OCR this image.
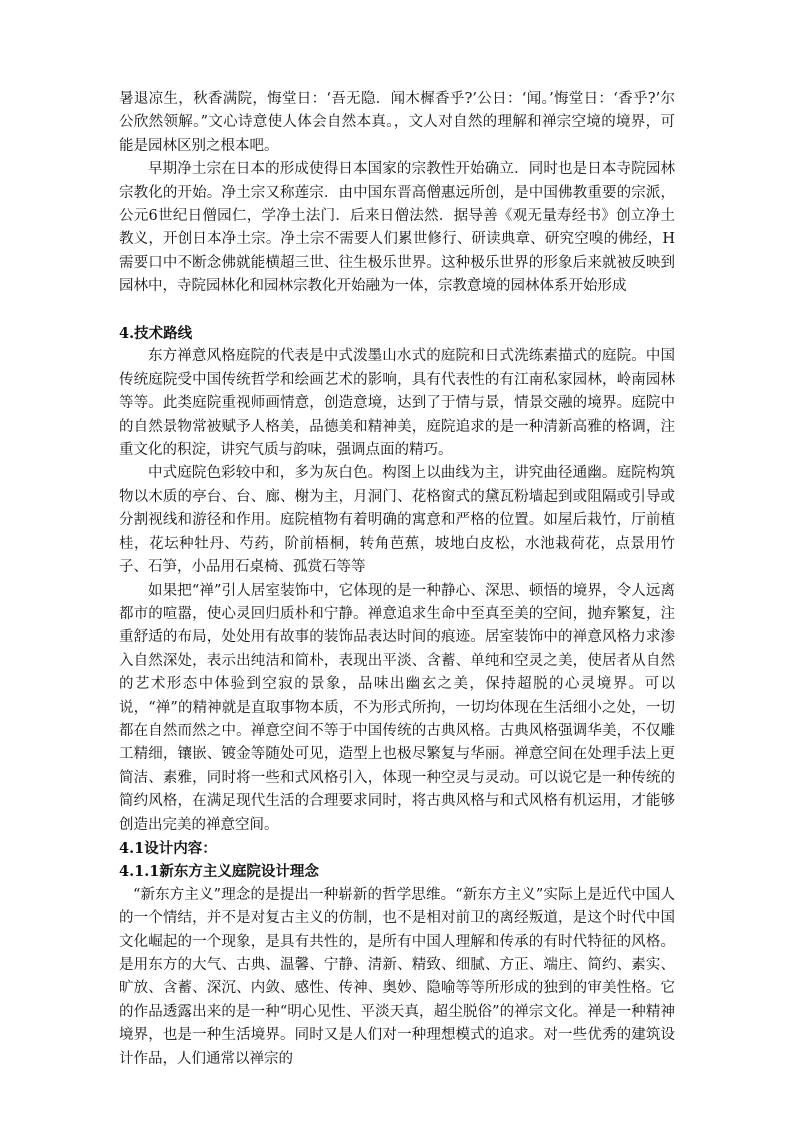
暑退凉生，秋香满院，悔堂日：‘吾无隐．闻木樨香乎?’公日：‘闻。’悔堂日：‘香乎?’尔公欣然领解。”文心诗意使人体会自然本真。，文人对自然的理解和禅宗空境的境界，可能是园林区别之根本吧。

早期净土宗在日本的形成使得日本国家的宗教性开始确立．同时也是日本寺院园林宗教化的开始。净土宗又称莲宗．由中国东晋高僧惠远所创，是中国佛教重要的宗派，公元6世纪日僧园仁，学净土法门．后来日僧法然．据导善《观无量寿经书》创立净土教义，开创日本净土宗。净土宗不需要人们累世修行、研读典章、研究空嗅的佛经，H需要口中不断念佛就能横超三世、往生极乐世界。这种极乐世界的形象后来就被反映到园林中，寺院园林化和园林宗教化开始融为一体，宗教意境的园林体系开始形成

4.技术路线

东方禅意风格庭院的代表是中式泼墨山水式的庭院和日式洗练素描式的庭院。中国传统庭院受中国传统哲学和绘画艺术的影响，具有代表性的有江南私家园林，岭南园林等等。此类庭院重视师画情意，创造意境，达到了于情与景，情景交融的境界。庭院中的自然景物常被赋予人格美，品德美和精神美，庭院追求的是一种清新高雅的格调，注重文化的积淀，讲究气质与韵味，强调点面的精巧。

中式庭院色彩较中和，多为灰白色。构图上以曲线为主，讲究曲径通幽。庭院构筑物以木质的亭台、台、廊、榭为主，月洞门、花格窗式的黛瓦粉墙起到或阻隔或引导或分割视线和游径和作用。庭院植物有着明确的寓意和严格的位置。如屋后栽竹，厅前植桂，花坛种牡丹、芍药，阶前梧桐，转角芭蕉，坡地白皮松，水池栽荷花，点景用竹子、石笋，小品用石桌椅、孤赏石等等

如果把“禅”引人居室装饰中，它体现的是一种静心、深思、顿悟的境界，令人远离都市的喧嚣，使心灵回归质朴和宁静。禅意追求生命中至真至美的空间，抛弃繁复，注重舒适的布局，处处用有故事的装饰品表达时间的痕迹。居室装饰中的禅意风格力求渗入自然深处，表示出纯洁和简朴，表现出平淡、含蓄、单纯和空灵之美，使居者从自然的艺术形态中体验到空寂的景象，品味出幽玄之美，保持超脱的心灵境界。可以说，“禅”的精神就是直取事物本质，不为形式所拘，一切均体现在生活细小之处，一切都在自然而然之中。禅意空间不等于中国传统的古典风格。古典风格强调华美，不仅雕工精细，镶嵌、镀金等随处可见，造型上也极尽繁复与华丽。禅意空间在处理手法上更简洁、素雅，同时将一些和式风格引入，体现一种空灵与灵动。可以说它是一种传统的简约风格，在满足现代生活的合理要求同时，将古典风格与和式风格有机运用，才能够创造出完美的禅意空间。

4.1设计内容：

4.1.1新东方主义庭院设计理念

“新东方主义”理念的是提出一种崭新的哲学思维。“新东方主义”实际上是近代中国人的一个情结，并不是对复古主义的仿制，也不是相对前卫的离经叛道，是这个时代中国文化崛起的一个现象，是具有共性的，是所有中国人理解和传承的有时代特征的风格。是用东方的大气、古典、温馨、宁静、清新、精致、细腻、方正、端庄、简约、素实、旷放、含蓄、深沉、内敛、感性、传神、奥妙、隐喻等等所形成的独到的审美性格。它的作品透露出来的是一种“明心见性、平淡天真，超尘脱俗”的禅宗文化。禅是一种精神境界，也是一种生活境界。同时又是人们对一种理想模式的追求。对一些优秀的建筑设计作品，人们通常以禅宗的
